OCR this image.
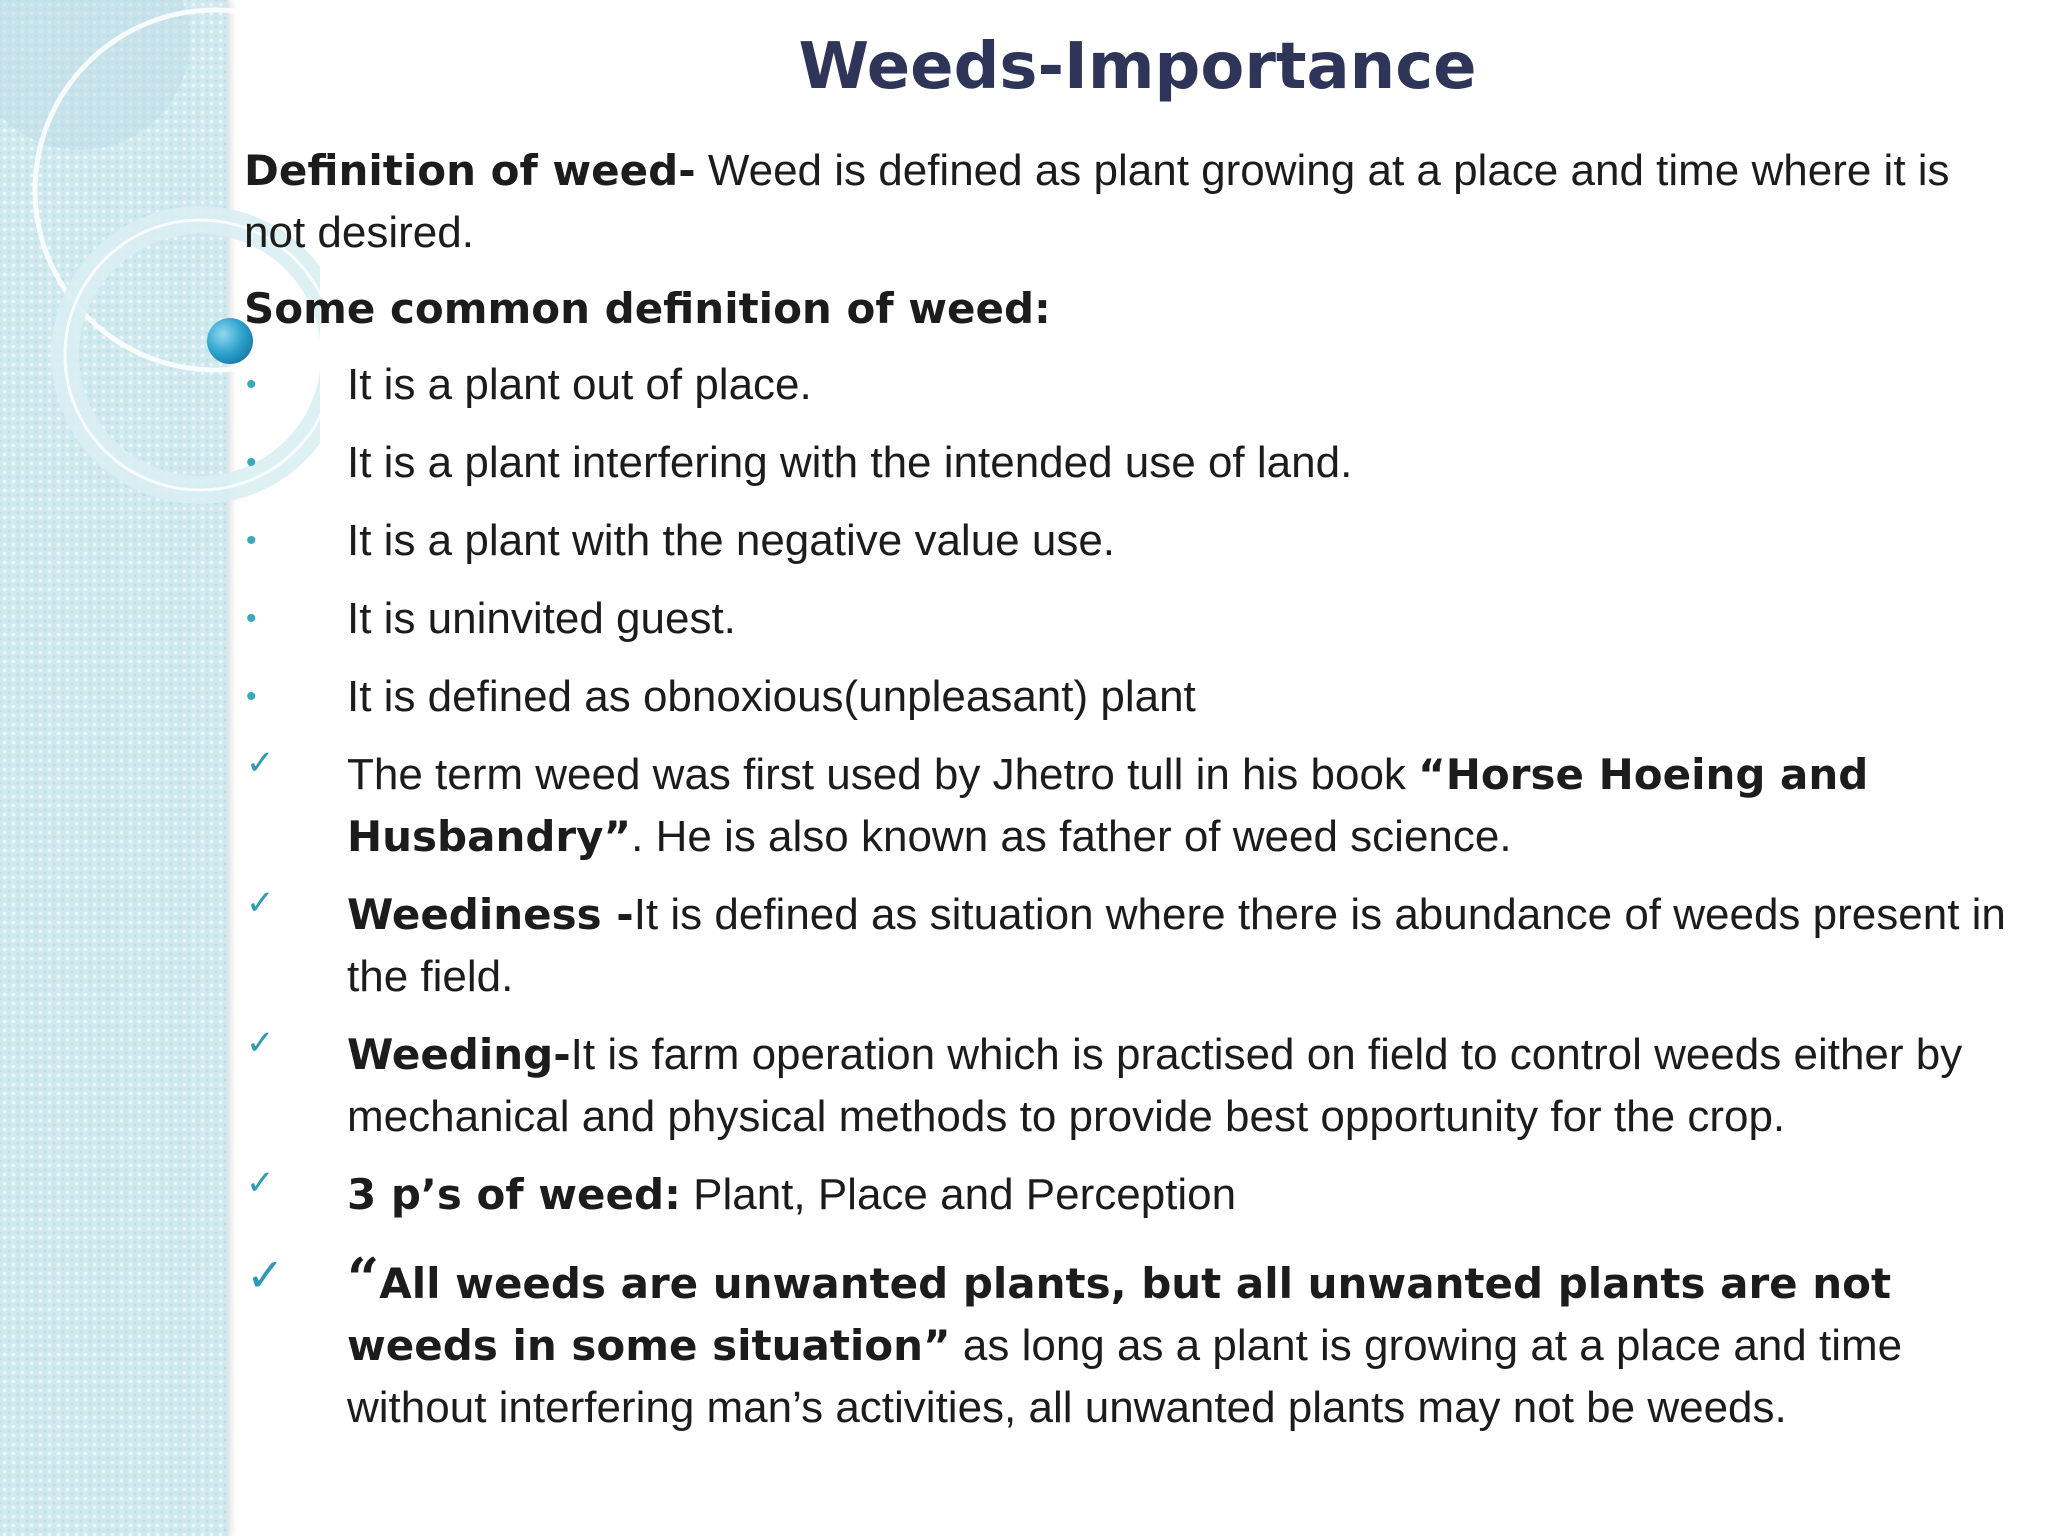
Weeds-Importance

Definition of weed- Weed is defined as plant growing at a place and time where it is not desired.

Some common definition of weed:

• It is a plant out of place.
• It is a plant interfering with the intended use of land.
• It is a plant with the negative value use.
• It is uninvited guest.
• It is defined as obnoxious(unpleasant) plant
✓ The term weed was first used by Jhetro tull in his book “Horse Hoeing and Husbandry”. He is also known as father of weed science.
✓ Weediness -It is defined as situation where there is abundance of weeds present in the field.
✓ Weeding-It is farm operation which is practised on field to control weeds either by mechanical and physical methods to provide best opportunity for the crop.
✓ 3 p’s of weed: Plant, Place and Perception
✓ “All weeds are unwanted plants, but all unwanted plants are not weeds in some situation” as long as a plant is growing at a place and time without interfering man’s activities, all unwanted plants may not be weeds.
